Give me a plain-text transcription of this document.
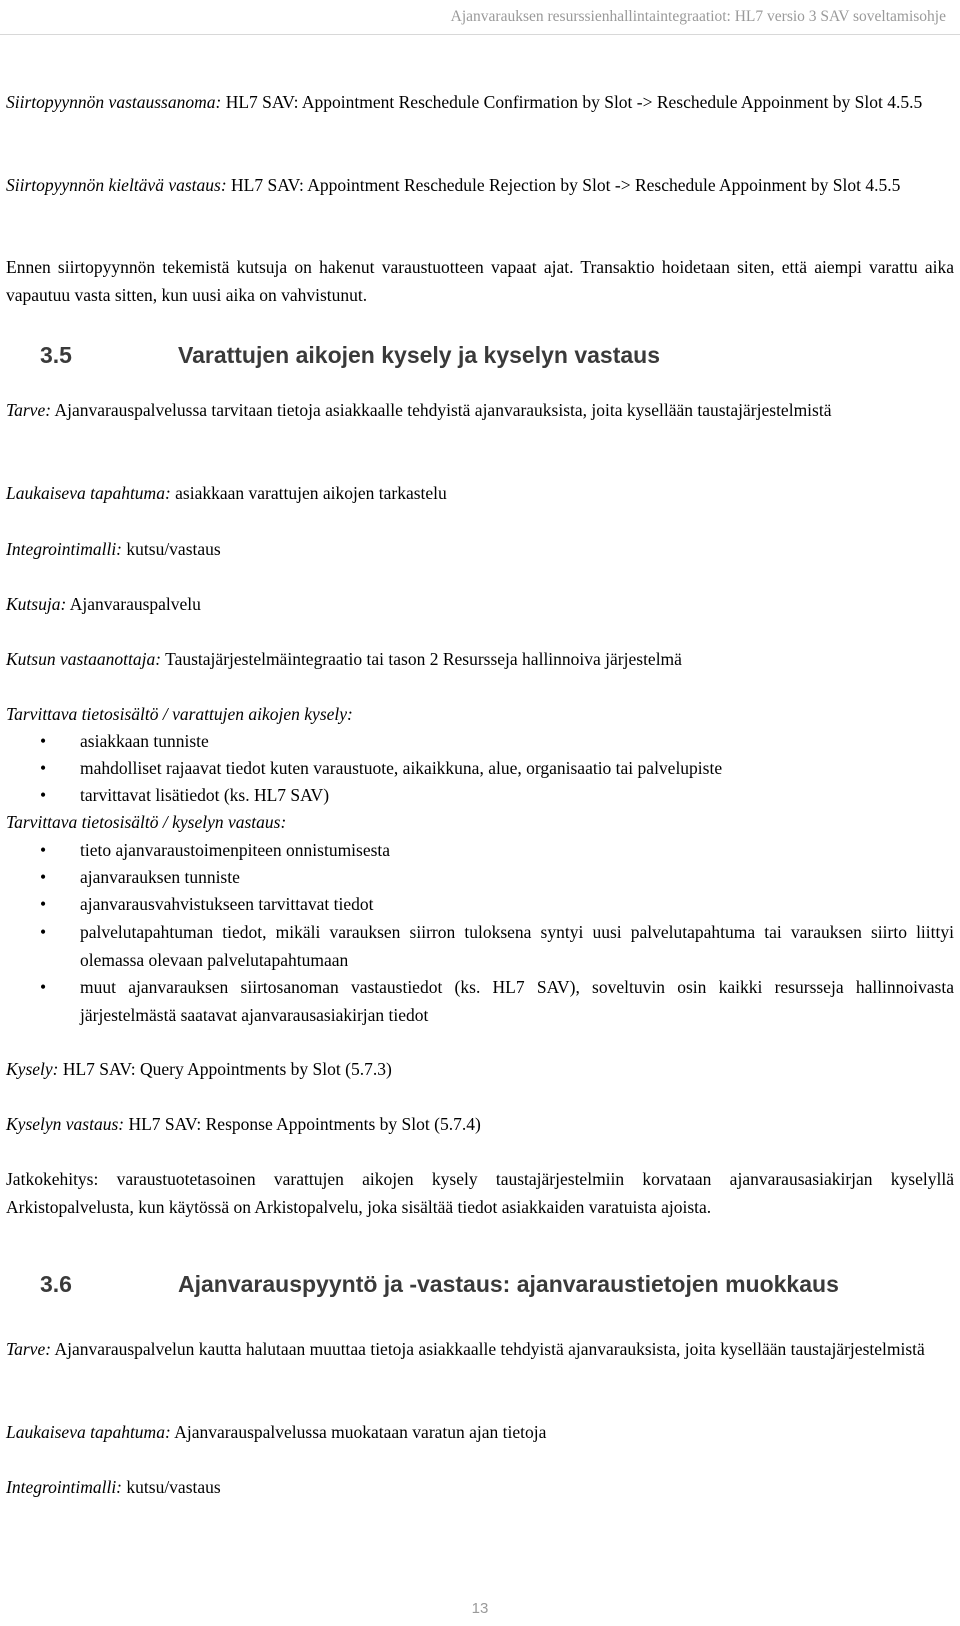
Ajanvarauksen resurssienhallintaintegraatiot: HL7 versio 3 SAV soveltamisohje

Siirtopyynnön vastaussanoma: HL7 SAV: Appointment Reschedule Confirmation by Slot -> Reschedule Appoinment by Slot 4.5.5

Siirtopyynnön kieltävä vastaus: HL7 SAV: Appointment Reschedule Rejection by Slot -> Reschedule Appoinment by Slot 4.5.5

Ennen siirtopyynnön tekemistä kutsuja on hakenut varaustuotteen vapaat ajat. Transaktio hoidetaan siten, että aiempi varattu aika vapautuu vasta sitten, kun uusi aika on vahvistunut.

3.5	Varattujen aikojen kysely ja kyselyn vastaus

Tarve: Ajanvarauspalvelussa tarvitaan tietoja asiakkaalle tehdyistä ajanvarauksista, joita kysellään taustajärjestelmistä

Laukaiseva tapahtuma: asiakkaan varattujen aikojen tarkastelu

Integrointimalli: kutsu/vastaus

Kutsuja: Ajanvarauspalvelu

Kutsun vastaanottaja: Taustajärjestelmäintegraatio tai tason 2 Resursseja hallinnoiva järjestelmä

Tarvittava tietosisältö / varattujen aikojen kysely:

• asiakkaan tunniste
• mahdolliset rajaavat tiedot kuten varaustuote, aikaikkuna, alue, organisaatio tai palvelupiste
• tarvittavat lisätiedot (ks. HL7 SAV)

Tarvittava tietosisältö / kyselyn vastaus:

• tieto ajanvaraustoimenpiteen onnistumisesta
• ajanvarauksen tunniste
• ajanvarausvahvistukseen tarvittavat tiedot
• palvelutapahtuman tiedot, mikäli varauksen siirron tuloksena syntyi uusi palvelutapahtuma tai varauksen siirto liittyi olemassa olevaan palvelutapahtumaan
• muut ajanvarauksen siirtosanoman vastaustiedot (ks. HL7 SAV), soveltuvin osin kaikki resursseja hallinnoivasta järjestelmästä saatavat ajanvarausasiakirjan tiedot

Kysely: HL7 SAV: Query Appointments by Slot (5.7.3)

Kyselyn vastaus: HL7 SAV: Response Appointments by Slot (5.7.4)

Jatkokehitys: varaustuotetasoinen varattujen aikojen kysely taustajärjestelmiin korvataan ajanvarausasiakirjan kyselyllä Arkistopalvelusta, kun käytössä on Arkistopalvelu, joka sisältää tiedot asiakkaiden varatuista ajoista.

3.6	Ajanvarauspyyntö ja -vastaus: ajanvaraustietojen muokkaus

Tarve: Ajanvarauspalvelun kautta halutaan muuttaa tietoja asiakkaalle tehdyistä ajanvarauksista, joita kysellään taustajärjestelmistä

Laukaiseva tapahtuma: Ajanvarauspalvelussa muokataan varatun ajan tietoja

Integrointimalli: kutsu/vastaus

13
